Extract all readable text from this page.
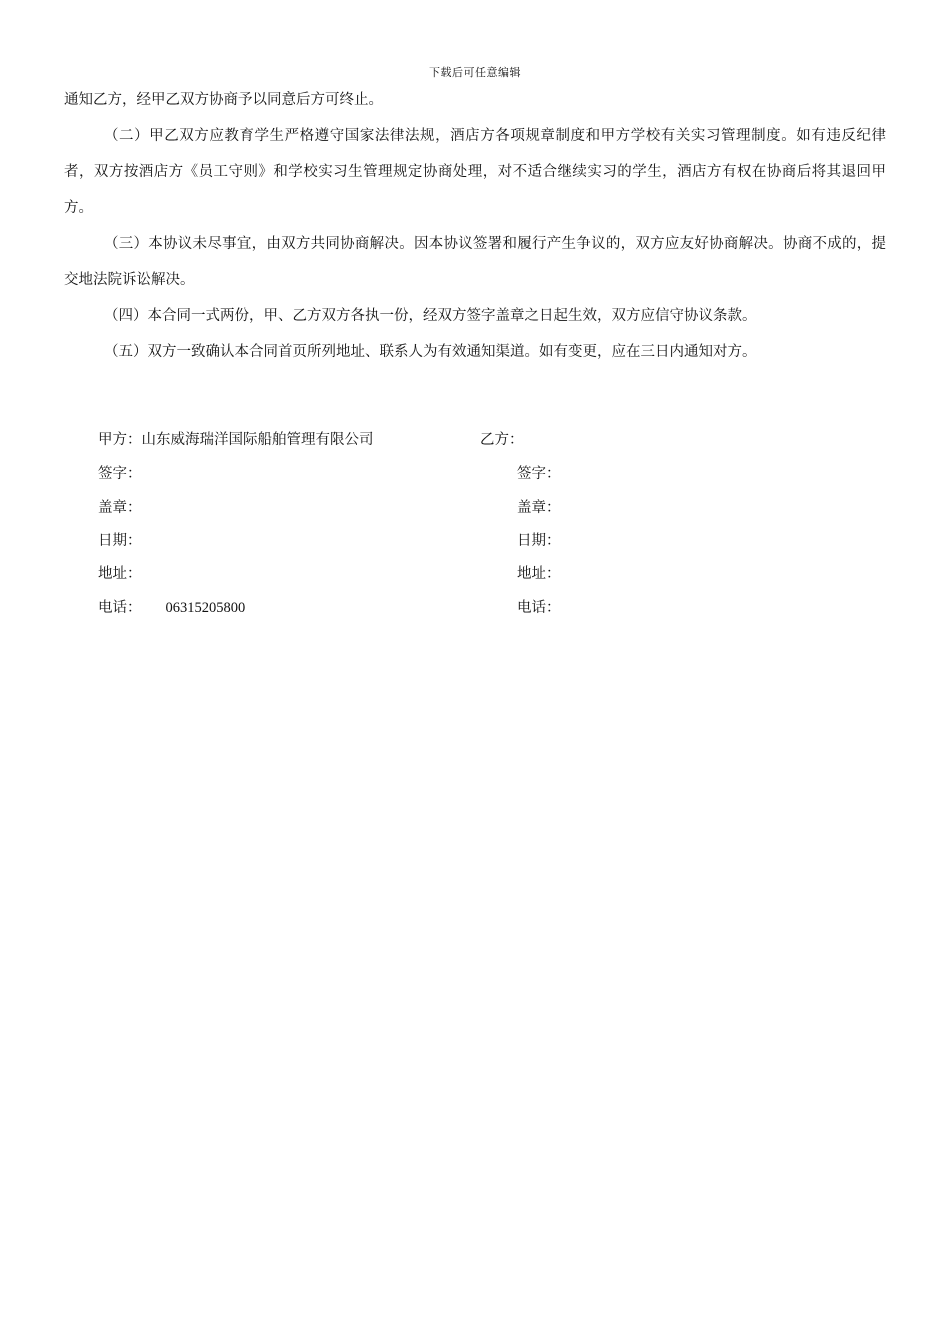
下载后可任意编辑

通知乙方，经甲乙双方协商予以同意后方可终止。

（二）甲乙双方应教育学生严格遵守国家法律法规，酒店方各项规章制度和甲方学校有关实习管理制度。如有违反纪律者，双方按酒店方《员工守则》和学校实习生管理规定协商处理，对不适合继续实习的学生，酒店方有权在协商后将其退回甲方。

（三）本协议未尽事宜，由双方共同协商解决。因本协议签署和履行产生争议的，双方应友好协商解决。协商不成的，提交地法院诉讼解决。

（四）本合同一式两份，甲、乙方双方各执一份，经双方签字盖章之日起生效，双方应信守协议条款。

（五）双方一致确认本合同首页所列地址、联系人为有效通知渠道。如有变更，应在三日内通知对方。

甲方：山东威海瑞洋国际船舶管理有限公司
签字：
盖章：
日期：
地址：
电话： 06315205800
乙方：
签字：
盖章：
日期：
地址：
电话：
